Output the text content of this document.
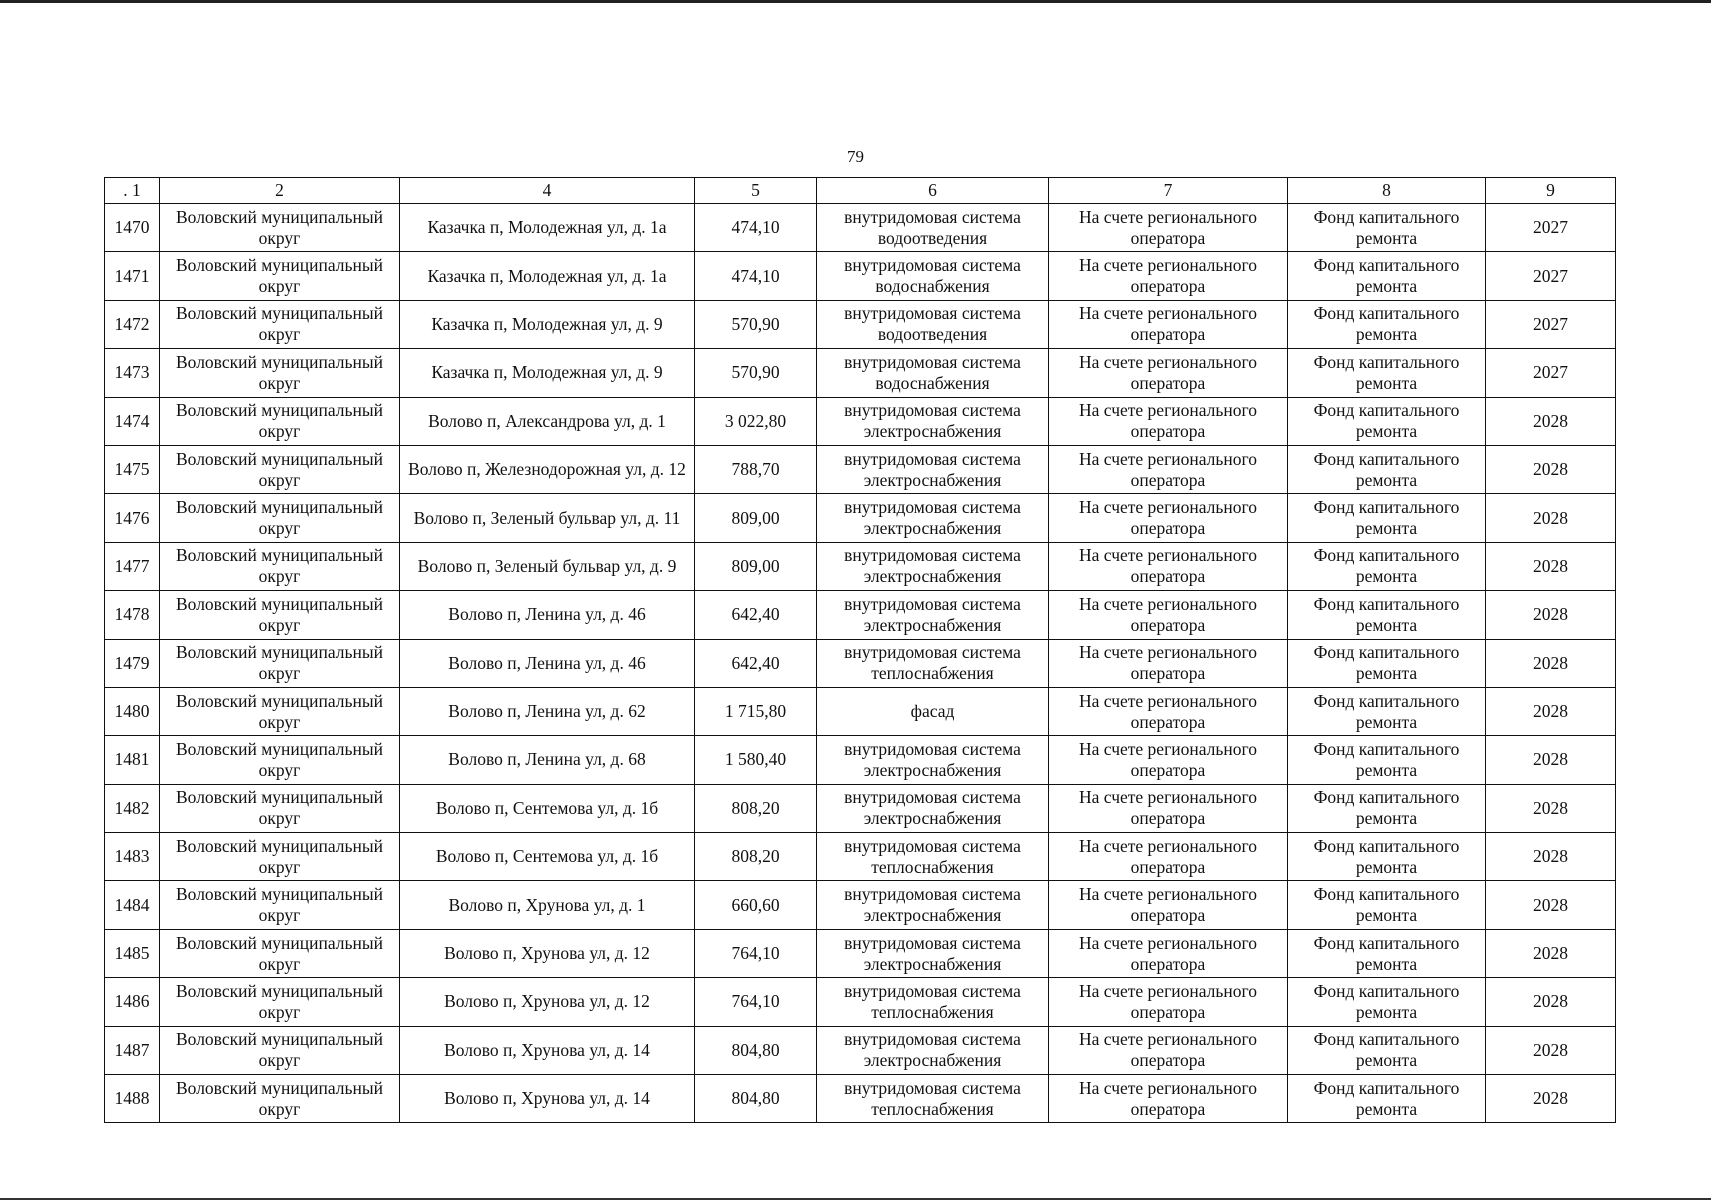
79
. 1	2	4	5	6	7	8	9
1470	Воловский муниципальный округ	Казачка п, Молодежная ул, д. 1а	474,10	внутридомовая система водоотведения	На счете регионального оператора	Фонд капитального ремонта	2027
1471	Воловский муниципальный округ	Казачка п, Молодежная ул, д. 1а	474,10	внутридомовая система водоснабжения	На счете регионального оператора	Фонд капитального ремонта	2027
1472	Воловский муниципальный округ	Казачка п, Молодежная ул, д. 9	570,90	внутридомовая система водоотведения	На счете регионального оператора	Фонд капитального ремонта	2027
1473	Воловский муниципальный округ	Казачка п, Молодежная ул, д. 9	570,90	внутридомовая система водоснабжения	На счете регионального оператора	Фонд капитального ремонта	2027
1474	Воловский муниципальный округ	Волово п, Александрова ул, д. 1	3 022,80	внутридомовая система электроснабжения	На счете регионального оператора	Фонд капитального ремонта	2028
1475	Воловский муниципальный округ	Волово п, Железнодорожная ул, д. 12	788,70	внутридомовая система электроснабжения	На счете регионального оператора	Фонд капитального ремонта	2028
1476	Воловский муниципальный округ	Волово п, Зеленый бульвар ул, д. 11	809,00	внутридомовая система электроснабжения	На счете регионального оператора	Фонд капитального ремонта	2028
1477	Воловский муниципальный округ	Волово п, Зеленый бульвар ул, д. 9	809,00	внутридомовая система электроснабжения	На счете регионального оператора	Фонд капитального ремонта	2028
1478	Воловский муниципальный округ	Волово п, Ленина ул, д. 46	642,40	внутридомовая система электроснабжения	На счете регионального оператора	Фонд капитального ремонта	2028
1479	Воловский муниципальный округ	Волово п, Ленина ул, д. 46	642,40	внутридомовая система теплоснабжения	На счете регионального оператора	Фонд капитального ремонта	2028
1480	Воловский муниципальный округ	Волово п, Ленина ул, д. 62	1 715,80	фасад	На счете регионального оператора	Фонд капитального ремонта	2028
1481	Воловский муниципальный округ	Волово п, Ленина ул, д. 68	1 580,40	внутридомовая система электроснабжения	На счете регионального оператора	Фонд капитального ремонта	2028
1482	Воловский муниципальный округ	Волово п, Сентемова ул, д. 1б	808,20	внутридомовая система электроснабжения	На счете регионального оператора	Фонд капитального ремонта	2028
1483	Воловский муниципальный округ	Волово п, Сентемова ул, д. 1б	808,20	внутридомовая система теплоснабжения	На счете регионального оператора	Фонд капитального ремонта	2028
1484	Воловский муниципальный округ	Волово п, Хрунова ул, д. 1	660,60	внутридомовая система электроснабжения	На счете регионального оператора	Фонд капитального ремонта	2028
1485	Воловский муниципальный округ	Волово п, Хрунова ул, д. 12	764,10	внутридомовая система электроснабжения	На счете регионального оператора	Фонд капитального ремонта	2028
1486	Воловский муниципальный округ	Волово п, Хрунова ул, д. 12	764,10	внутридомовая система теплоснабжения	На счете регионального оператора	Фонд капитального ремонта	2028
1487	Воловский муниципальный округ	Волово п, Хрунова ул, д. 14	804,80	внутридомовая система электроснабжения	На счете регионального оператора	Фонд капитального ремонта	2028
1488	Воловский муниципальный округ	Волово п, Хрунова ул, д. 14	804,80	внутридомовая система теплоснабжения	На счете регионального оператора	Фонд капитального ремонта	2028
